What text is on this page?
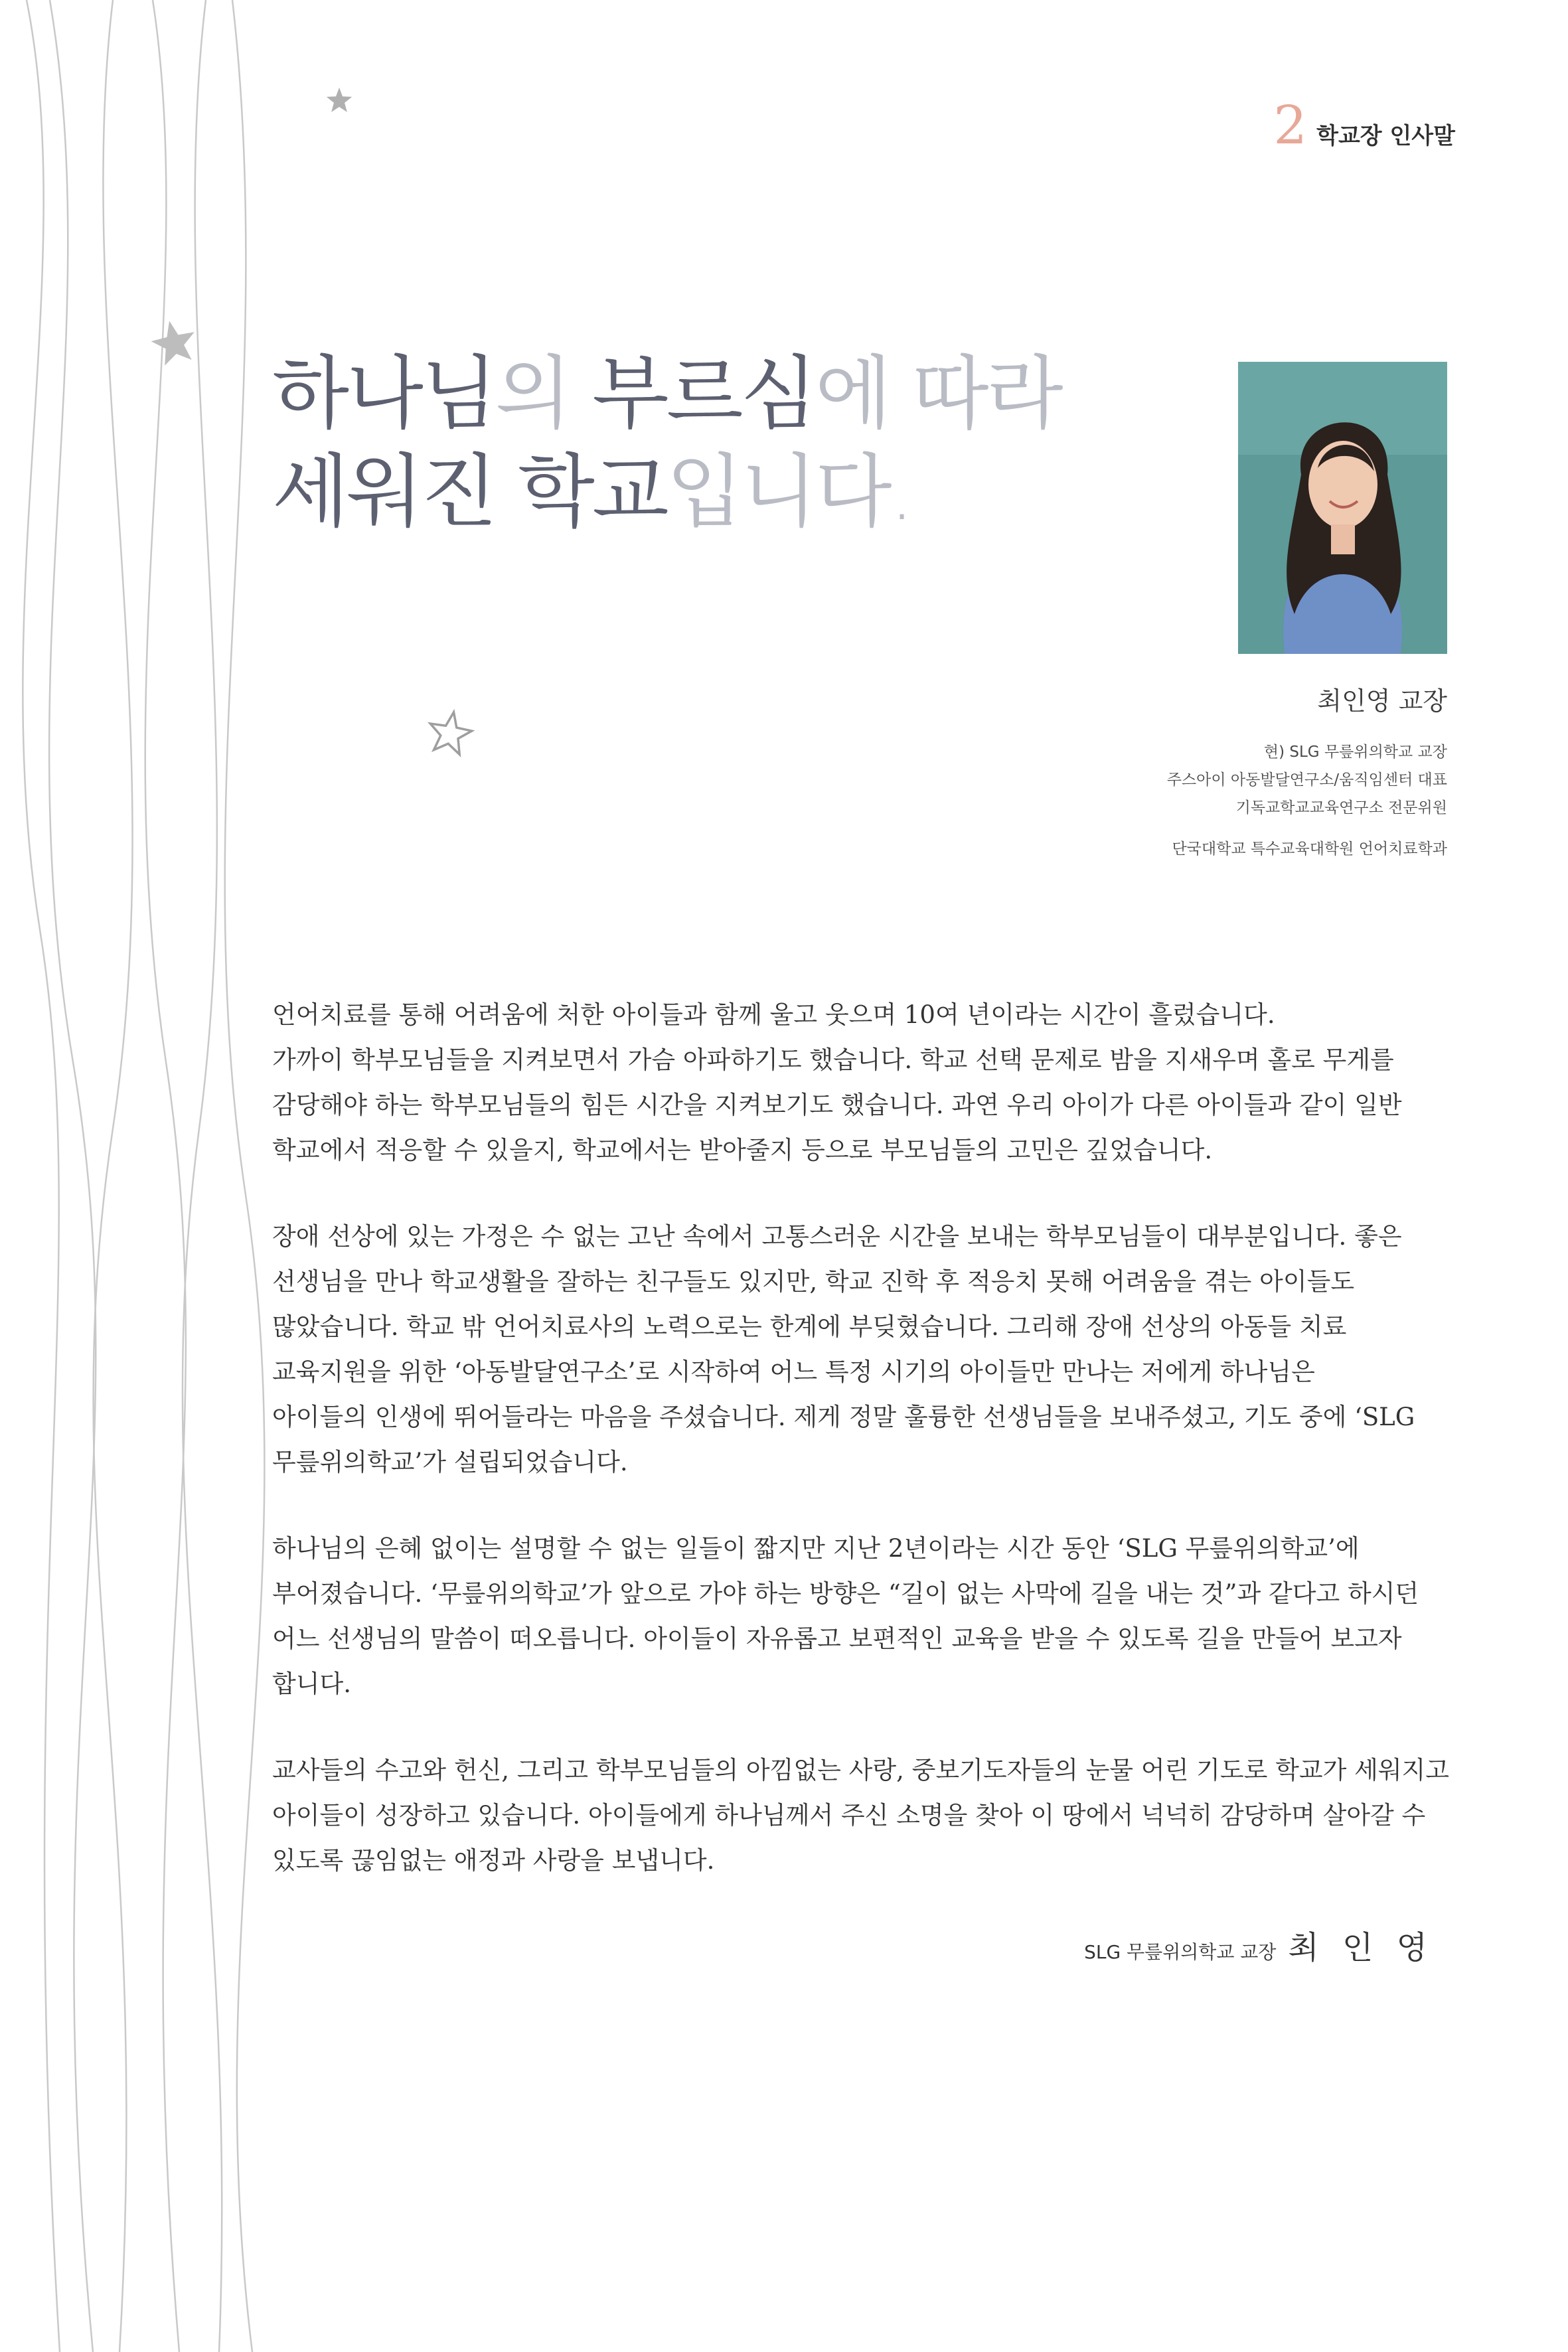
2 학교장 인사말
하나님의 부르심에 따라
세워진 학교입니다.
최인영 교장
현) SLG 무릎위의학교 교장
주스아이 아동발달연구소/움직임센터 대표
기독교학교교육연구소 전문위원
단국대학교 특수교육대학원 언어치료학과

언어치료를 통해 어려움에 처한 아이들과 함께 울고 웃으며 10여 년이라는 시간이 흘렀습니다.
가까이 학부모님들을 지켜보면서 가슴 아파하기도 했습니다. 학교 선택 문제로 밤을 지새우며 홀로 무게를
감당해야 하는 학부모님들의 힘든 시간을 지켜보기도 했습니다. 과연 우리 아이가 다른 아이들과 같이 일반
학교에서 적응할 수 있을지, 학교에서는 받아줄지 등으로 부모님들의 고민은 깊었습니다.

장애 선상에 있는 가정은 수 없는 고난 속에서 고통스러운 시간을 보내는 학부모님들이 대부분입니다. 좋은
선생님을 만나 학교생활을 잘하는 친구들도 있지만, 학교 진학 후 적응치 못해 어려움을 겪는 아이들도
많았습니다. 학교 밖 언어치료사의 노력으로는 한계에 부딪혔습니다. 그리해 장애 선상의 아동들 치료
교육지원을 위한 ‘아동발달연구소’로 시작하여 어느 특정 시기의 아이들만 만나는 저에게 하나님은
아이들의 인생에 뛰어들라는 마음을 주셨습니다. 제게 정말 훌륭한 선생님들을 보내주셨고, 기도 중에 ‘SLG
무릎위의학교’가 설립되었습니다.

하나님의 은혜 없이는 설명할 수 없는 일들이 짧지만 지난 2년이라는 시간 동안 ‘SLG 무릎위의학교’에
부어졌습니다. ‘무릎위의학교’가 앞으로 가야 하는 방향은 “길이 없는 사막에 길을 내는 것”과 같다고 하시던
어느 선생님의 말씀이 떠오릅니다. 아이들이 자유롭고 보편적인 교육을 받을 수 있도록 길을 만들어 보고자
합니다.

교사들의 수고와 헌신, 그리고 학부모님들의 아낌없는 사랑, 중보기도자들의 눈물 어린 기도로 학교가 세워지고
아이들이 성장하고 있습니다. 아이들에게 하나님께서 주신 소명을 찾아 이 땅에서 넉넉히 감당하며 살아갈 수
있도록 끊임없는 애정과 사랑을 보냅니다.

SLG 무릎위의학교 교장 최 인 영
